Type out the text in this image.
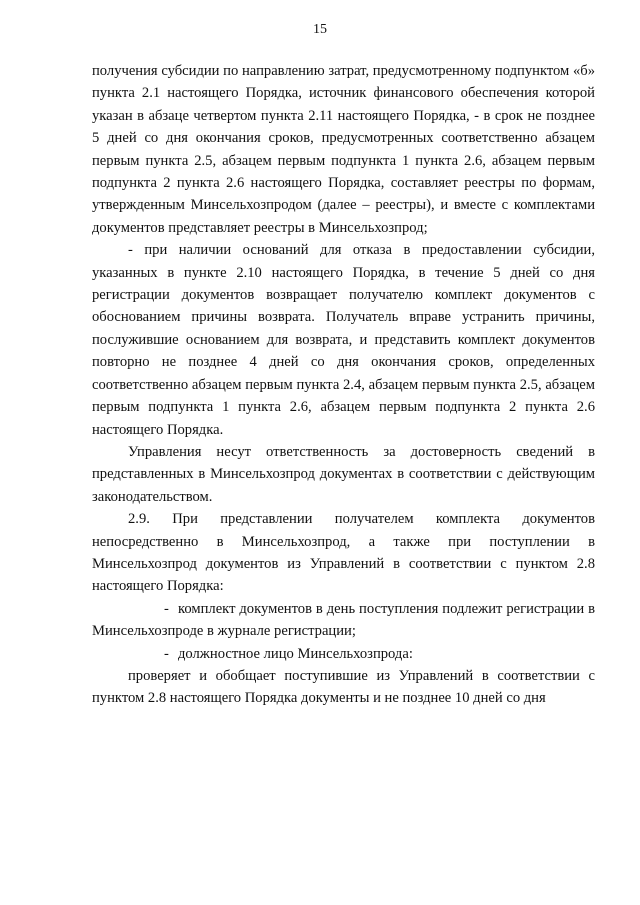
15

получения субсидии по направлению затрат, предусмотренному подпунктом «б» пункта 2.1 настоящего Порядка, источник финансового обеспечения которой указан в абзаце четвертом пункта 2.11 настоящего Порядка, - в срок не позднее 5 дней со дня окончания сроков, предусмотренных соответственно абзацем первым пункта 2.5, абзацем первым подпункта 1 пункта 2.6, абзацем первым подпункта 2 пункта 2.6 настоящего Порядка, составляет реестры по формам, утвержденным Минсельхозпродом (далее – реестры), и вместе с комплектами документов представляет реестры в Минсельхозпрод;

- при наличии оснований для отказа в предоставлении субсидии, указанных в пункте 2.10 настоящего Порядка, в течение 5 дней со дня регистрации документов возвращает получателю комплект документов с обоснованием причины возврата. Получатель вправе устранить причины, послужившие основанием для возврата, и представить комплект документов повторно не позднее 4 дней со дня окончания сроков, определенных соответственно абзацем первым пункта 2.4, абзацем первым пункта 2.5, абзацем первым подпункта 1 пункта 2.6, абзацем первым подпункта 2 пункта 2.6 настоящего Порядка.

Управления несут ответственность за достоверность сведений в представленных в Минсельхозпрод документах в соответствии с действующим законодательством.

2.9. При представлении получателем комплекта документов непосредственно в Минсельхозпрод, а также при поступлении в Минсельхозпрод документов из Управлений в соответствии с пунктом 2.8 настоящего Порядка:

- комплект документов в день поступления подлежит регистрации в Минсельхозпроде в журнале регистрации;

- должностное лицо Минсельхозпрода:

проверяет и обобщает поступившие из Управлений в соответствии с пунктом 2.8 настоящего Порядка документы и не позднее 10 дней со дня
